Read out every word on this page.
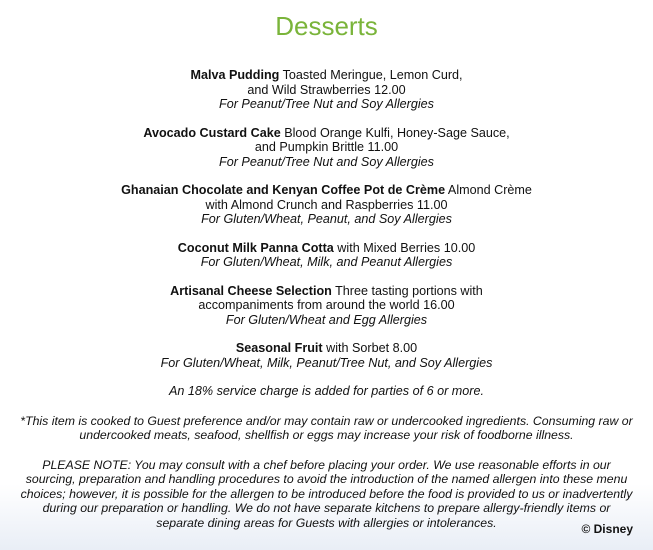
Desserts
Malva Pudding Toasted Meringue, Lemon Curd,
and Wild Strawberries 12.00
For Peanut/Tree Nut and Soy Allergies
Avocado Custard Cake Blood Orange Kulfi, Honey-Sage Sauce,
and Pumpkin Brittle 11.00
For Peanut/Tree Nut and Soy Allergies
Ghanaian Chocolate and Kenyan Coffee Pot de Crème Almond Crème
with Almond Crunch and Raspberries 11.00
For Gluten/Wheat, Peanut, and Soy Allergies
Coconut Milk Panna Cotta with Mixed Berries 10.00
For Gluten/Wheat, Milk, and Peanut Allergies
Artisanal Cheese Selection Three tasting portions with
accompaniments from around the world 16.00
For Gluten/Wheat and Egg Allergies
Seasonal Fruit with Sorbet 8.00
For Gluten/Wheat, Milk, Peanut/Tree Nut, and Soy Allergies
An 18% service charge is added for parties of 6 or more.
*This item is cooked to Guest preference and/or may contain raw or undercooked ingredients. Consuming raw or undercooked meats, seafood, shellfish or eggs may increase your risk of foodborne illness.
PLEASE NOTE: You may consult with a chef before placing your order. We use reasonable efforts in our sourcing, preparation and handling procedures to avoid the introduction of the named allergen into these menu choices; however, it is possible for the allergen to be introduced before the food is provided to us or inadvertently during our preparation or handling. We do not have separate kitchens to prepare allergy-friendly items or separate dining areas for Guests with allergies or intolerances.	© Disney
